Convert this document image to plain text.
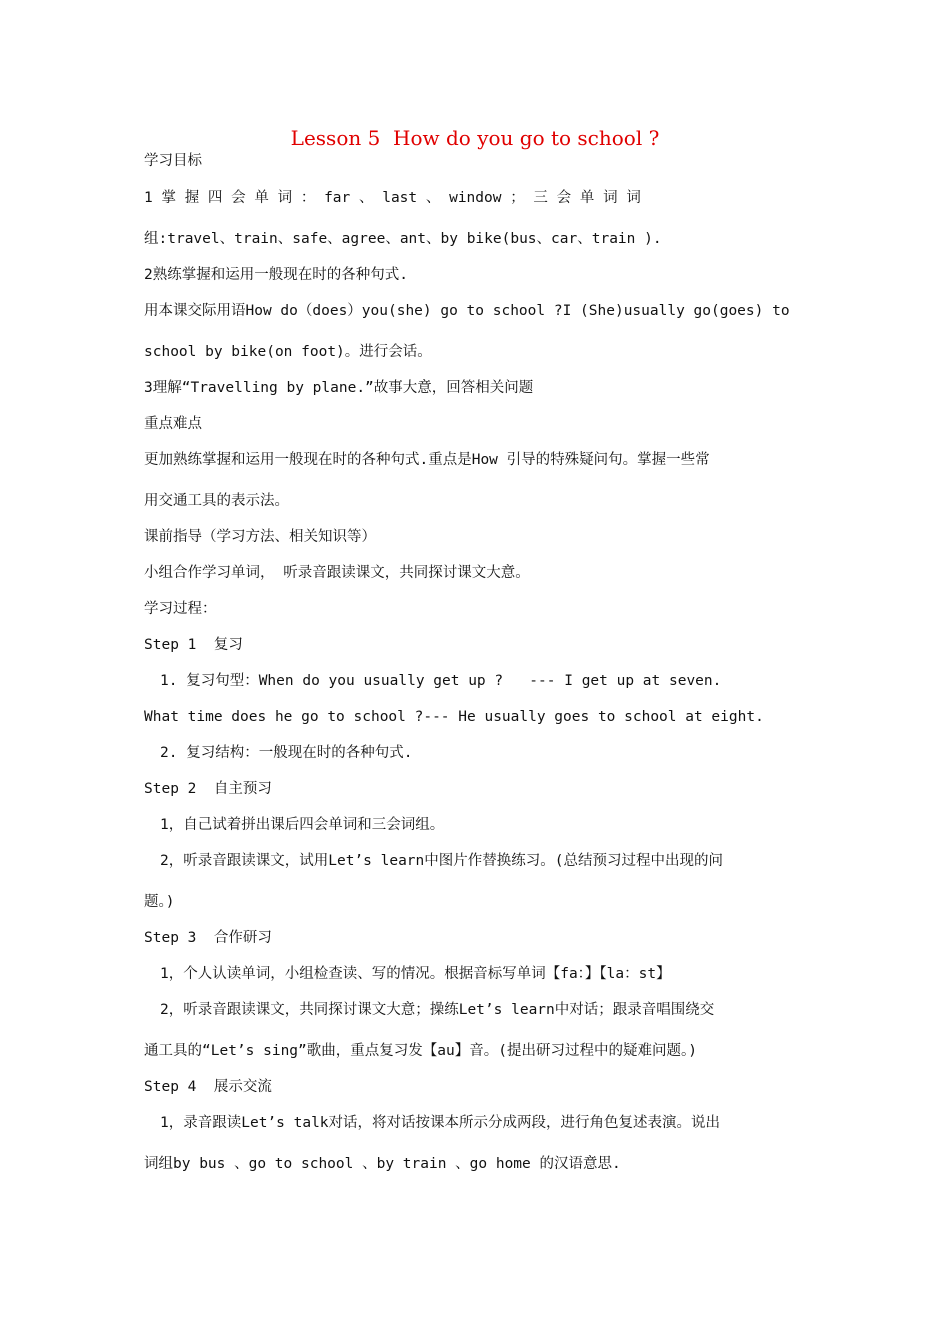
Lesson 5  How do you go to school ?
学习目标
1 掌 握 四 会 单 词 ： far 、 last 、 window ； 三 会 单 词 词
组:travel、train、safe、agree、ant、by bike(bus、car、train ).
2熟练掌握和运用一般现在时的各种句式.
用本课交际用语How do（does）you(she) go to school ?I (She)usually go(goes) to
school by bike(on foot)。进行会话。
3理解“Travelling by plane.”故事大意，回答相关问题
重点难点
更加熟练掌握和运用一般现在时的各种句式.重点是How 引导的特殊疑问句。掌握一些常
用交通工具的表示法。
课前指导（学习方法、相关知识等）
小组合作学习单词， 听录音跟读课文，共同探讨课文大意。
学习过程：
Step 1  复习
1. 复习句型：When do you usually get up ?   --- I get up at seven.
What time does he go to school ?--- He usually goes to school at eight.
2. 复习结构：一般现在时的各种句式.
Step 2  自主预习
1，自己试着拼出课后四会单词和三会词组。
2，听录音跟读课文，试用Let’s learn中图片作替换练习。(总结预习过程中出现的问
题。)
Step 3  合作研习
1，个人认读单词，小组检查读、写的情况。根据音标写单词【fa：】【la：st】
2，听录音跟读课文，共同探讨课文大意；操练Let’s learn中对话；跟录音唱围绕交
通工具的“Let’s sing”歌曲，重点复习发【au】音。(提出研习过程中的疑难问题。)
Step 4  展示交流
1，录音跟读Let’s talk对话，将对话按课本所示分成两段，进行角色复述表演。说出
词组by bus 、go to school 、by train 、go home 的汉语意思.
